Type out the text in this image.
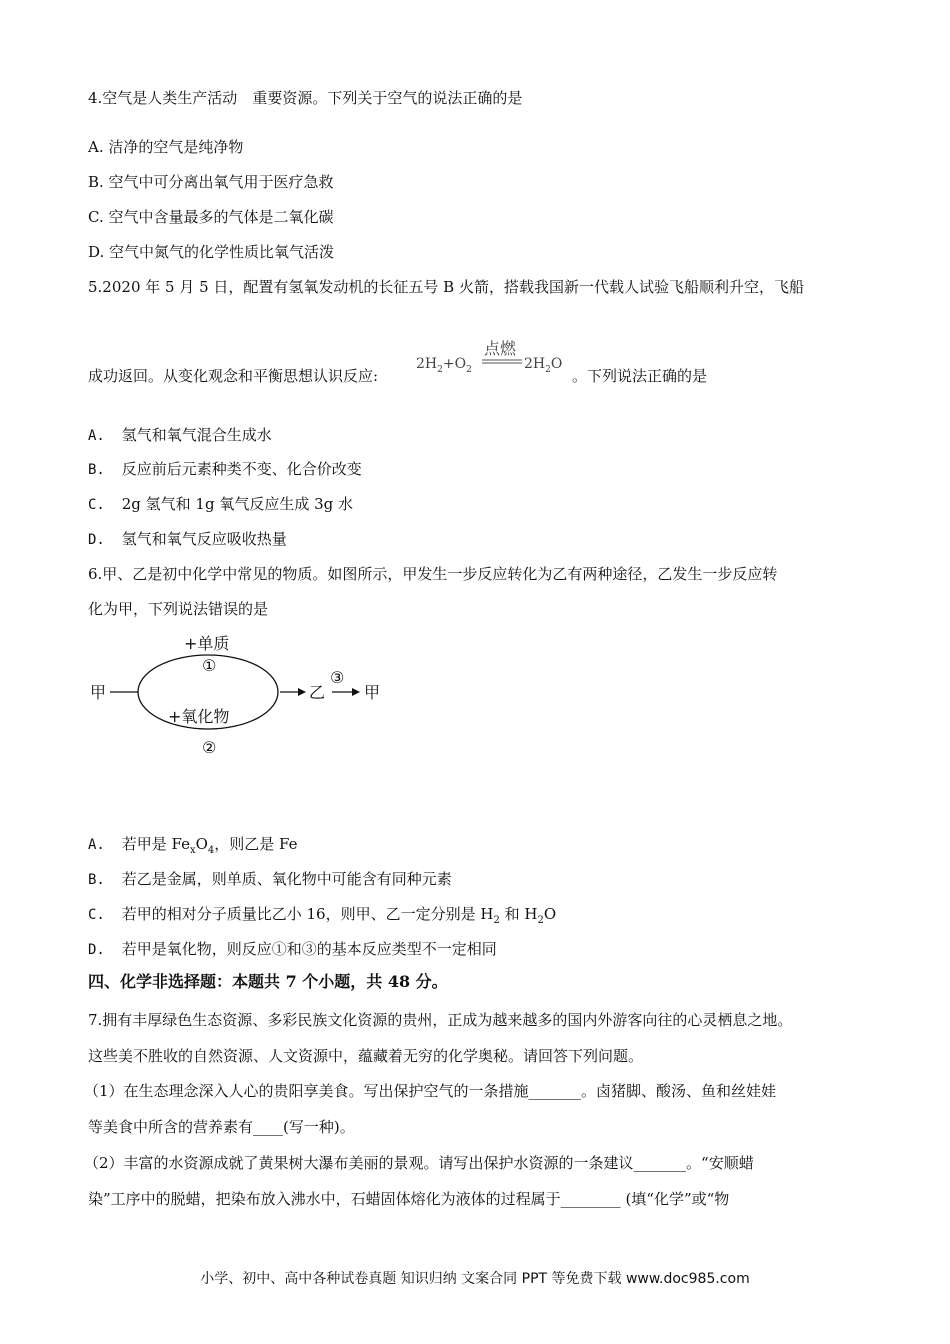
4.空气是人类生产活动　重要资源。下列关于空气的说法正确的是
A. 洁净的空气是纯净物
B. 空气中可分离出氧气用于医疗急救
C. 空气中含量最多的气体是二氧化碳
D. 空气中氮气的化学性质比氧气活泼
5.2020 年 5 月 5 日，配置有氢氧发动机的长征五号 B 火箭，搭载我国新一代载人试验飞船顺利升空，飞船
成功返回。从变化观念和平衡思想认识反应:
$2H_2+O_2$
点燃
$2H_2O$
。下列说法正确的是
A. 氢气和氧气混合生成水
B. 反应前后元素种类不变、化合价改变
C. 2g 氢气和 1g 氧气反应生成 3g 水
D. 氢气和氧气反应吸收热量
6.甲、乙是初中化学中常见的物质。如图所示，甲发生一步反应转化为乙有两种途径，乙发生一步反应转
化为甲，下列说法错误的是
甲
+单质
①
+氧化物
②
乙
③
甲
A. 若甲是 $Fe_xO_4$，则乙是 Fe
B. 若乙是金属，则单质、氧化物中可能含有同种元素
C. 若甲的相对分子质量比乙小 16，则甲、乙一定分别是 $H_2$ 和 $H_2O$
D. 若甲是氧化物，则反应①和③的基本反应类型不一定相同
四、化学非选择题：本题共 7 个小题，共 48 分。
7.拥有丰厚绿色生态资源、多彩民族文化资源的贵州，正成为越来越多的国内外游客向往的心灵栖息之地。
这些美不胜收的自然资源、人文资源中，蕴藏着无穷的化学奥秘。请回答下列问题。
（1）在生态理念深入人心的贵阳享美食。写出保护空气的一条措施_______。卤猪脚、酸汤、鱼和丝娃娃
等美食中所含的营养素有____(写一种)。
（2）丰富的水资源成就了黄果树大瀑布美丽的景观。请写出保护水资源的一条建议_______。“安顺蜡
染”工序中的脱蜡，把染布放入沸水中，石蜡固体熔化为液体的过程属于________ (填“化学”或“物
小学、初中、高中各种试卷真题 知识归纳 文案合同 PPT 等免费下载 www.doc985.com
